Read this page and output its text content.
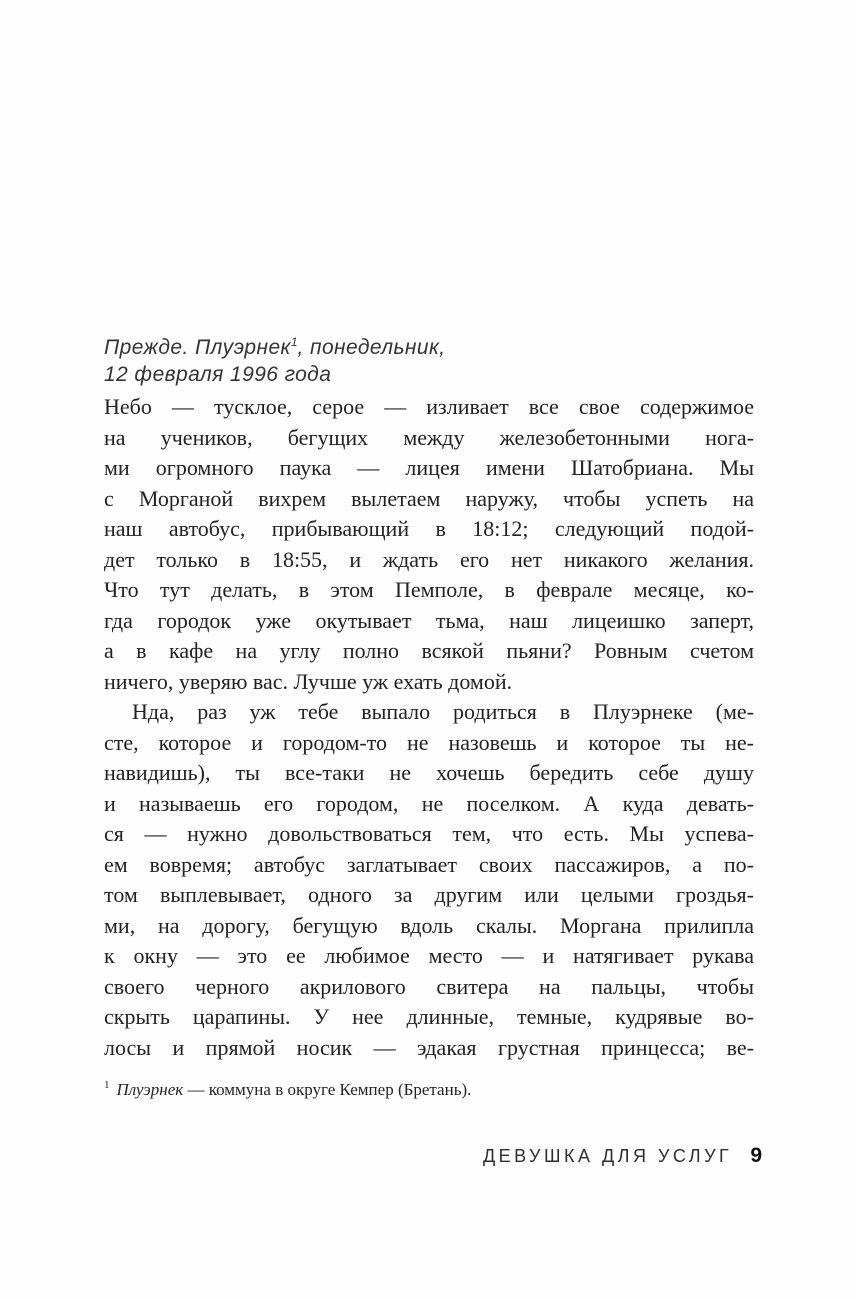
Прежде. Плуэрнек$^1$, понедельник,
12 февраля 1996 года
Небо — тусклое, серое — изливает все свое содержимое
на учеников, бегущих между железобетонными нога-
ми огромного паука — лицея имени Шатобриана. Мы
с Морганой вихрем вылетаем наружу, чтобы успеть на
наш автобус, прибывающий в 18:12; следующий подой-
дет только в 18:55, и ждать его нет никакого желания.
Что тут делать, в этом Пемполе, в феврале месяце, ко-
гда городок уже окутывает тьма, наш лицеишко заперт,
а в кафе на углу полно всякой пьяни? Ровным счетом
ничего, уверяю вас. Лучше уж ехать домой.
Нда, раз уж тебе выпало родиться в Плуэрнеке (ме-
сте, которое и городом-то не назовешь и которое ты не-
навидишь), ты все-таки не хочешь бередить себе душу
и называешь его городом, не поселком. А куда девать-
ся — нужно довольствоваться тем, что есть. Мы успева-
ем вовремя; автобус заглатывает своих пассажиров, а по-
том выплевывает, одного за другим или целыми гроздья-
ми, на дорогу, бегущую вдоль скалы. Моргана прилипла
к окну — это ее любимое место — и натягивает рукава
своего черного акрилового свитера на пальцы, чтобы
скрыть царапины. У нее длинные, темные, кудрявые во-
лосы и прямой носик — эдакая грустная принцесса; ве-
$^1$ Плуэрнек — коммуна в округе Кемпер (Бретань).
ДЕВУШКА ДЛЯ УСЛУГ 9
